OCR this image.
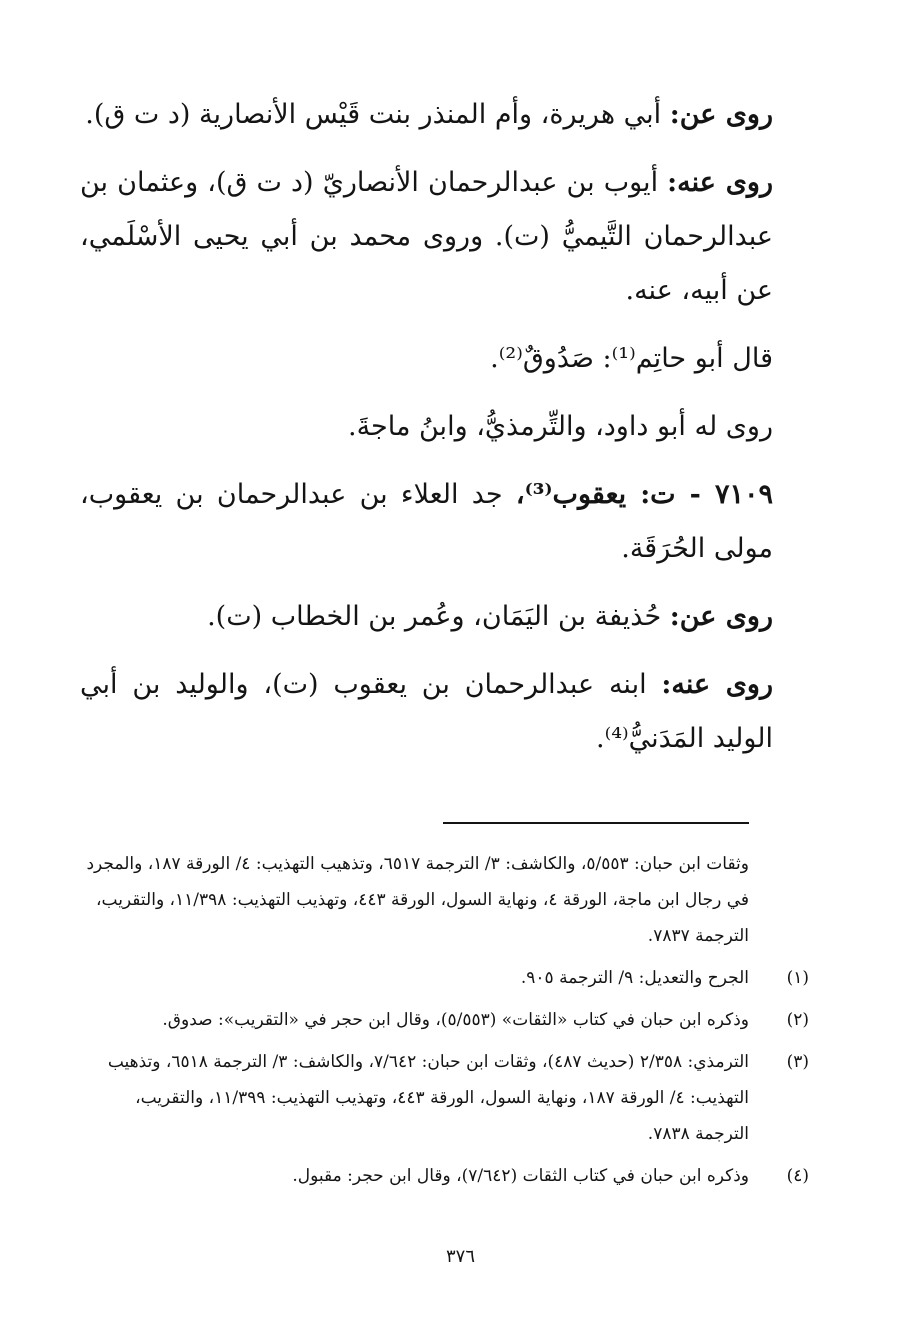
روى عن: أبي هريرة، وأم المنذر بنت قَيْس الأنصارية (د ت ق).

روى عنه: أيوب بن عبدالرحمان الأنصاريّ (د ت ق)، وعثمان بن عبدالرحمان التَّيميُّ (ت). وروى محمد بن أبي يحيى الأسْلَمي، عن أبيه، عنه.

قال أبو حاتِم⁽¹⁾: صَدُوقٌ⁽²⁾.

روى له أبو داود، والتِّرمذيُّ، وابنُ ماجةَ.

٧١٠٩ - ت: يعقوب⁽³⁾، جد العلاء بن عبدالرحمان بن يعقوب، مولى الحُرَقَة.

روى عن: حُذيفة بن اليَمَان، وعُمر بن الخطاب (ت).

روى عنه: ابنه عبدالرحمان بن يعقوب (ت)، والوليد بن أبي الوليد المَدَنيُّ⁽⁴⁾.

وثقات ابن حبان: ٥/٥٥٣، والكاشف: ٣/ الترجمة ٦٥١٧، وتذهيب التهذيب: ٤/ الورقة ١٨٧، والمجرد في رجال ابن ماجة، الورقة ٤، ونهاية السول، الورقة ٤٤٣، وتهذيب التهذيب: ١١/٣٩٨، والتقريب، الترجمة ٧٨٣٧.
(١)
الجرح والتعديل: ٩/ الترجمة ٩٠٥.
(٢)
وذكره ابن حبان في كتاب «الثقات» (٥/٥٥٣)، وقال ابن حجر في «التقريب»: صدوق.
(٣)
الترمذي: ٢/٣٥٨ (حديث ٤٨٧)، وثقات ابن حبان: ٧/٦٤٢، والكاشف: ٣/ الترجمة ٦٥١٨، وتذهيب التهذيب: ٤/ الورقة ١٨٧، ونهاية السول، الورقة ٤٤٣، وتهذيب التهذيب: ١١/٣٩٩، والتقريب، الترجمة ٧٨٣٨.
(٤)
وذكره ابن حبان في كتاب الثقات (٧/٦٤٢)، وقال ابن حجر: مقبول.
٣٧٦
